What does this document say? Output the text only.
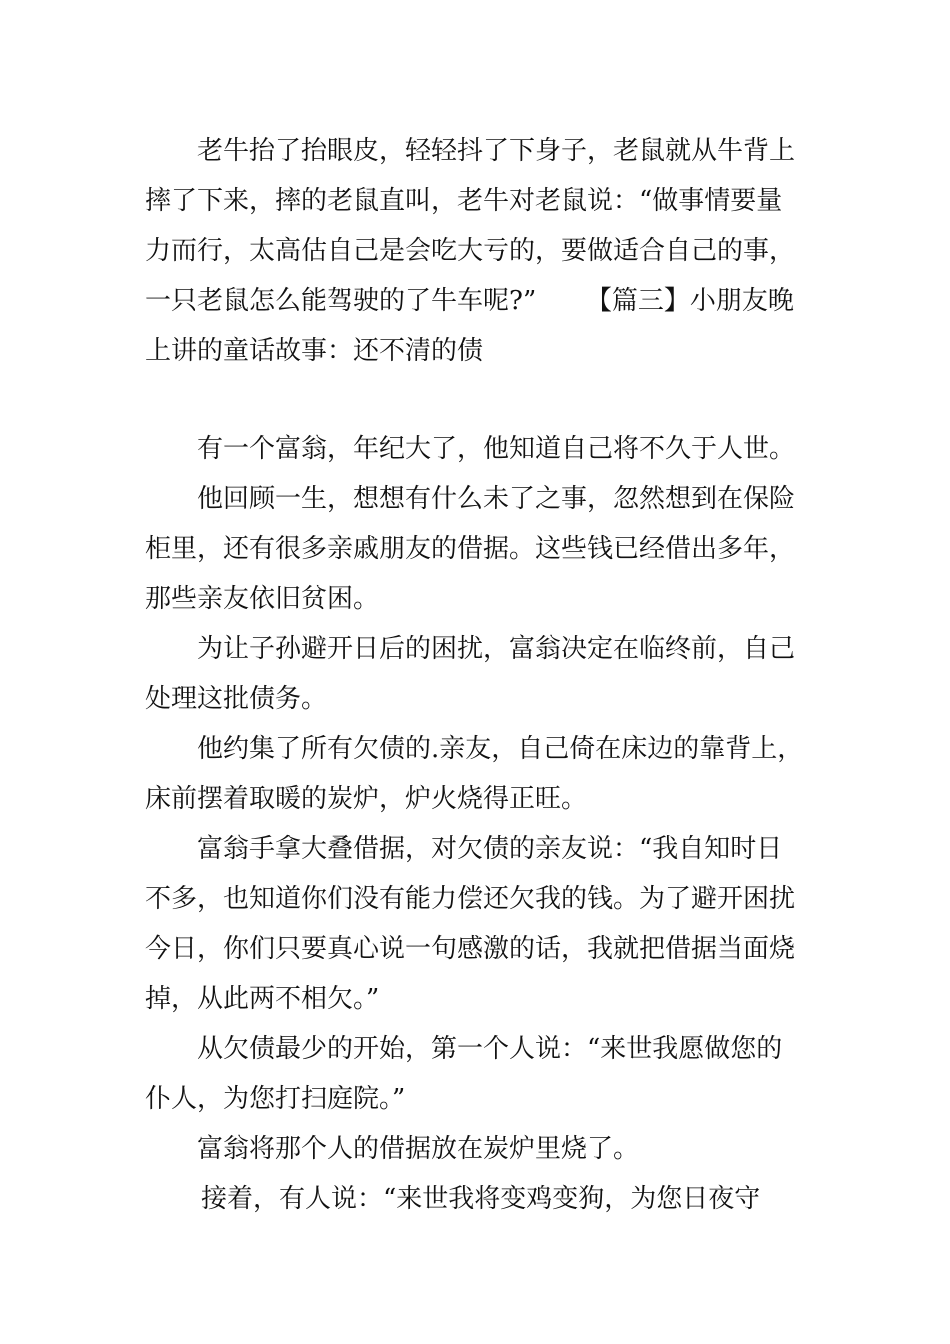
老牛抬了抬眼皮，轻轻抖了下身子，老鼠就从牛背上

摔了下来，摔的老鼠直叫，老牛对老鼠说：“做事情要量

力而行，太高估自己是会吃大亏的，要做适合自己的事，

一只老鼠怎么能驾驶的了牛车呢?”      【篇三】小朋友晚

上讲的童话故事：还不清的债

有一个富翁，年纪大了，他知道自己将不久于人世。

他回顾一生，想想有什么未了之事，忽然想到在保险

柜里，还有很多亲戚朋友的借据。这些钱已经借出多年，

那些亲友依旧贫困。

为让子孙避开日后的困扰，富翁决定在临终前，自己

处理这批债务。

他约集了所有欠债的.亲友，自己倚在床边的靠背上，

床前摆着取暖的炭炉，炉火烧得正旺。

富翁手拿大叠借据，对欠债的亲友说：“我自知时日

不多，也知道你们没有能力偿还欠我的钱。为了避开困扰

今日，你们只要真心说一句感激的话，我就把借据当面烧

掉，从此两不相欠。”

从欠债最少的开始，第一个人说：“来世我愿做您的

仆人，为您打扫庭院。”

富翁将那个人的借据放在炭炉里烧了。

接着，有人说：“来世我将变鸡变狗，为您日夜守
